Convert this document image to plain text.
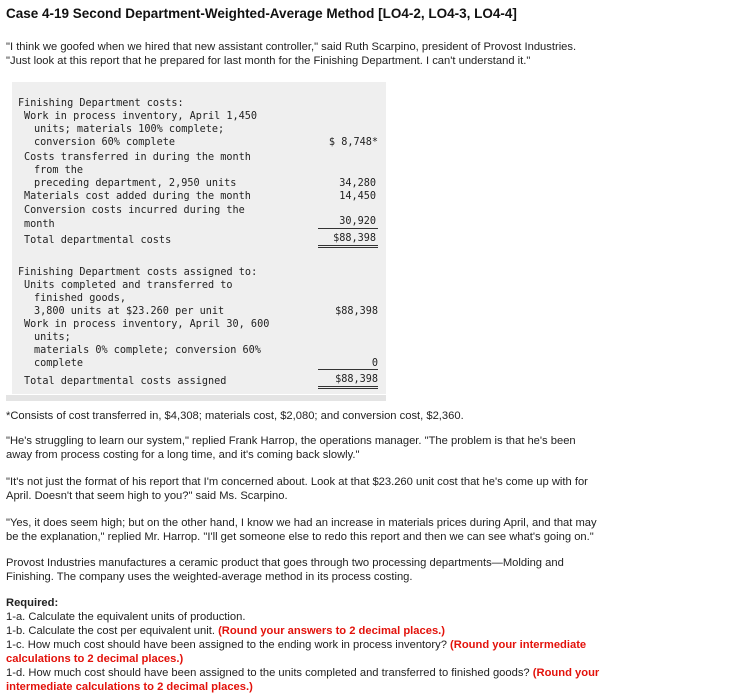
Case 4-19 Second Department-Weighted-Average Method [LO4-2, LO4-3, LO4-4]
"I think we goofed when we hired that new assistant controller," said Ruth Scarpino, president of Provost Industries.
"Just look at this report that he prepared for last month for the Finishing Department. I can't understand it."
Finishing Department costs:
Work in process inventory, April 1,450
units; materials 100% complete;
conversion 60% complete	$ 8,748*
Costs transferred in during the month
from the
preceding department, 2,950 units	34,280
Materials cost added during the month	14,450
Conversion costs incurred during the
month	30,920
Total departmental costs	$88,398
Finishing Department costs assigned to:
Units completed and transferred to
finished goods,
3,800 units at $23.260 per unit	$88,398
Work in process inventory, April 30, 600
units;
materials 0% complete; conversion 60%
complete	0
Total departmental costs assigned	$88,398
*Consists of cost transferred in, $4,308; materials cost, $2,080; and conversion cost, $2,360.
"He's struggling to learn our system," replied Frank Harrop, the operations manager. "The problem is that he's been
away from process costing for a long time, and it's coming back slowly."
"It's not just the format of his report that I'm concerned about. Look at that $23.260 unit cost that he's come up with for
April. Doesn't that seem high to you?" said Ms. Scarpino.
"Yes, it does seem high; but on the other hand, I know we had an increase in materials prices during April, and that may
be the explanation," replied Mr. Harrop. "I'll get someone else to redo this report and then we can see what's going on."
Provost Industries manufactures a ceramic product that goes through two processing departments—Molding and
Finishing. The company uses the weighted-average method in its process costing.
Required:
1-a. Calculate the equivalent units of production.
1-b. Calculate the cost per equivalent unit. (Round your answers to 2 decimal places.)
1-c. How much cost should have been assigned to the ending work in process inventory? (Round your intermediate
calculations to 2 decimal places.)
1-d. How much cost should have been assigned to the units completed and transferred to finished goods? (Round your
intermediate calculations to 2 decimal places.)
